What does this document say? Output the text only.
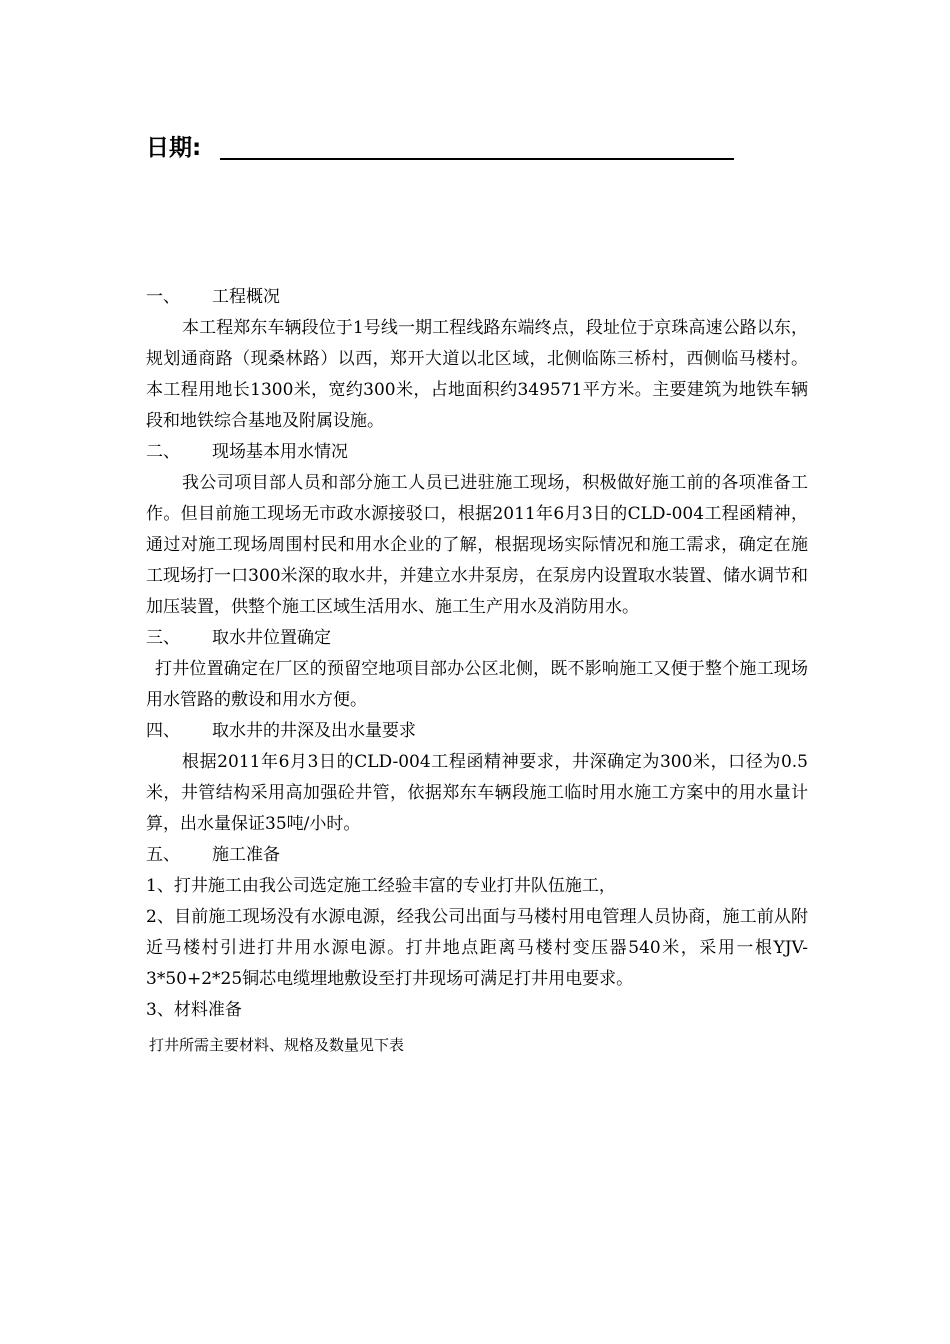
日期:
一、 工程概况
本工程郑东车辆段位于1号线一期工程线路东端终点，段址位于京珠高速公路以东，规划通商路（现桑林路）以西，郑开大道以北区域，北侧临陈三桥村，西侧临马楼村。本工程用地长1300米，宽约300米，占地面积约349571平方米。主要建筑为地铁车辆段和地铁综合基地及附属设施。
二、 现场基本用水情况
我公司项目部人员和部分施工人员已进驻施工现场，积极做好施工前的各项准备工作。但目前施工现场无市政水源接驳口，根据2011年6月3日的CLD-004工程函精神，通过对施工现场周围村民和用水企业的了解，根据现场实际情况和施工需求，确定在施工现场打一口300米深的取水井，并建立水井泵房，在泵房内设置取水装置、储水调节和加压装置，供整个施工区域生活用水、施工生产用水及消防用水。
三、 取水井位置确定
打井位置确定在厂区的预留空地项目部办公区北侧，既不影响施工又便于整个施工现场用水管路的敷设和用水方便。
四、 取水井的井深及出水量要求
根据2011年6月3日的CLD-004工程函精神要求，井深确定为300米，口径为0.5米，井管结构采用高加强砼井管，依据郑东车辆段施工临时用水施工方案中的用水量计算，出水量保证35吨/小时。
五、 施工准备
1、打井施工由我公司选定施工经验丰富的专业打井队伍施工，
2、目前施工现场没有水源电源，经我公司出面与马楼村用电管理人员协商，施工前从附近马楼村引进打井用水源电源。打井地点距离马楼村变压器540米，采用一根YJV-3*50+2*25铜芯电缆埋地敷设至打井现场可满足打井用电要求。
3、材料准备
打井所需主要材料、规格及数量见下表
